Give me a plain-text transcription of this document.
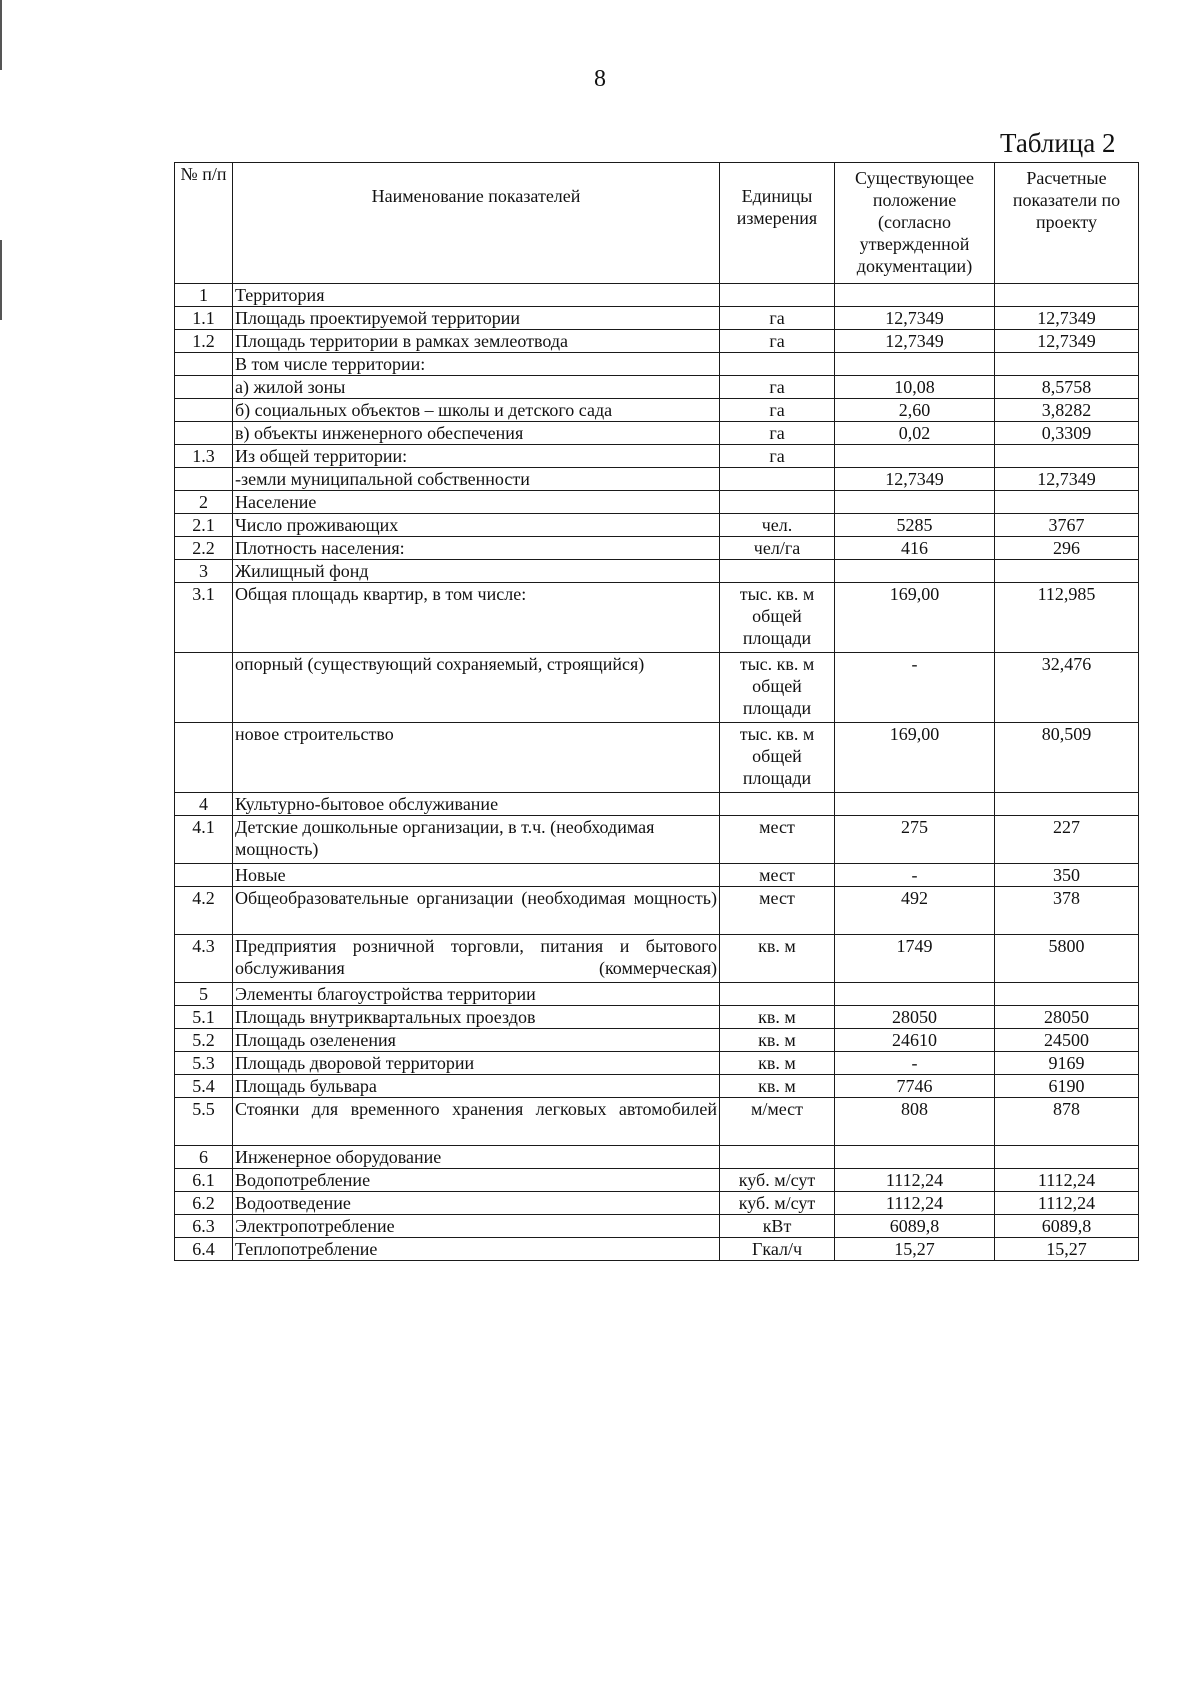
8
Таблица 2
№ п/п	Наименование показателей	Единицы измерения	Существующее положение (согласно утвержденной документации)	Расчетные показатели по проекту
1	Территория			
1.1	Площадь проектируемой территории	га	12,7349	12,7349
1.2	Площадь территории в рамках землеотвода	га	12,7349	12,7349
	В том числе территории:			
	а) жилой зоны	га	10,08	8,5758
	б) социальных объектов – школы и детского сада	га	2,60	3,8282
	в) объекты инженерного обеспечения	га	0,02	0,3309
1.3	Из общей территории:	га		
	-земли муниципальной собственности		12,7349	12,7349
2	Население			
2.1	Число проживающих	чел.	5285	3767
2.2	Плотность населения:	чел/га	416	296
3	Жилищный фонд			
3.1	Общая площадь квартир, в том числе:	тыс. кв. м общей площади	169,00	112,985
	опорный (существующий сохраняемый, строящийся)	тыс. кв. м общей площади	-	32,476
	новое строительство	тыс. кв. м общей площади	169,00	80,509
4	Культурно-бытовое обслуживание			
4.1	Детские дошкольные организации, в т.ч. (необходимая мощность)	мест	275	227
	Новые	мест	-	350
4.2	Общеобразовательные организации (необходимая мощность)	мест	492	378
4.3	Предприятия розничной торговли, питания и бытового обслуживания (коммерческая)	кв. м	1749	5800
5	Элементы благоустройства территории			
5.1	Площадь внутриквартальных проездов	кв. м	28050	28050
5.2	Площадь озеленения	кв. м	24610	24500
5.3	Площадь дворовой территории	кв. м	-	9169
5.4	Площадь бульвара	кв. м	7746	6190
5.5	Стоянки для временного хранения легковых автомобилей	м/мест	808	878
6	Инженерное оборудование			
6.1	Водопотребление	куб. м/сут	1112,24	1112,24
6.2	Водоотведение	куб. м/сут	1112,24	1112,24
6.3	Электропотребление	кВт	6089,8	6089,8
6.4	Теплопотребление	Гкал/ч	15,27	15,27
